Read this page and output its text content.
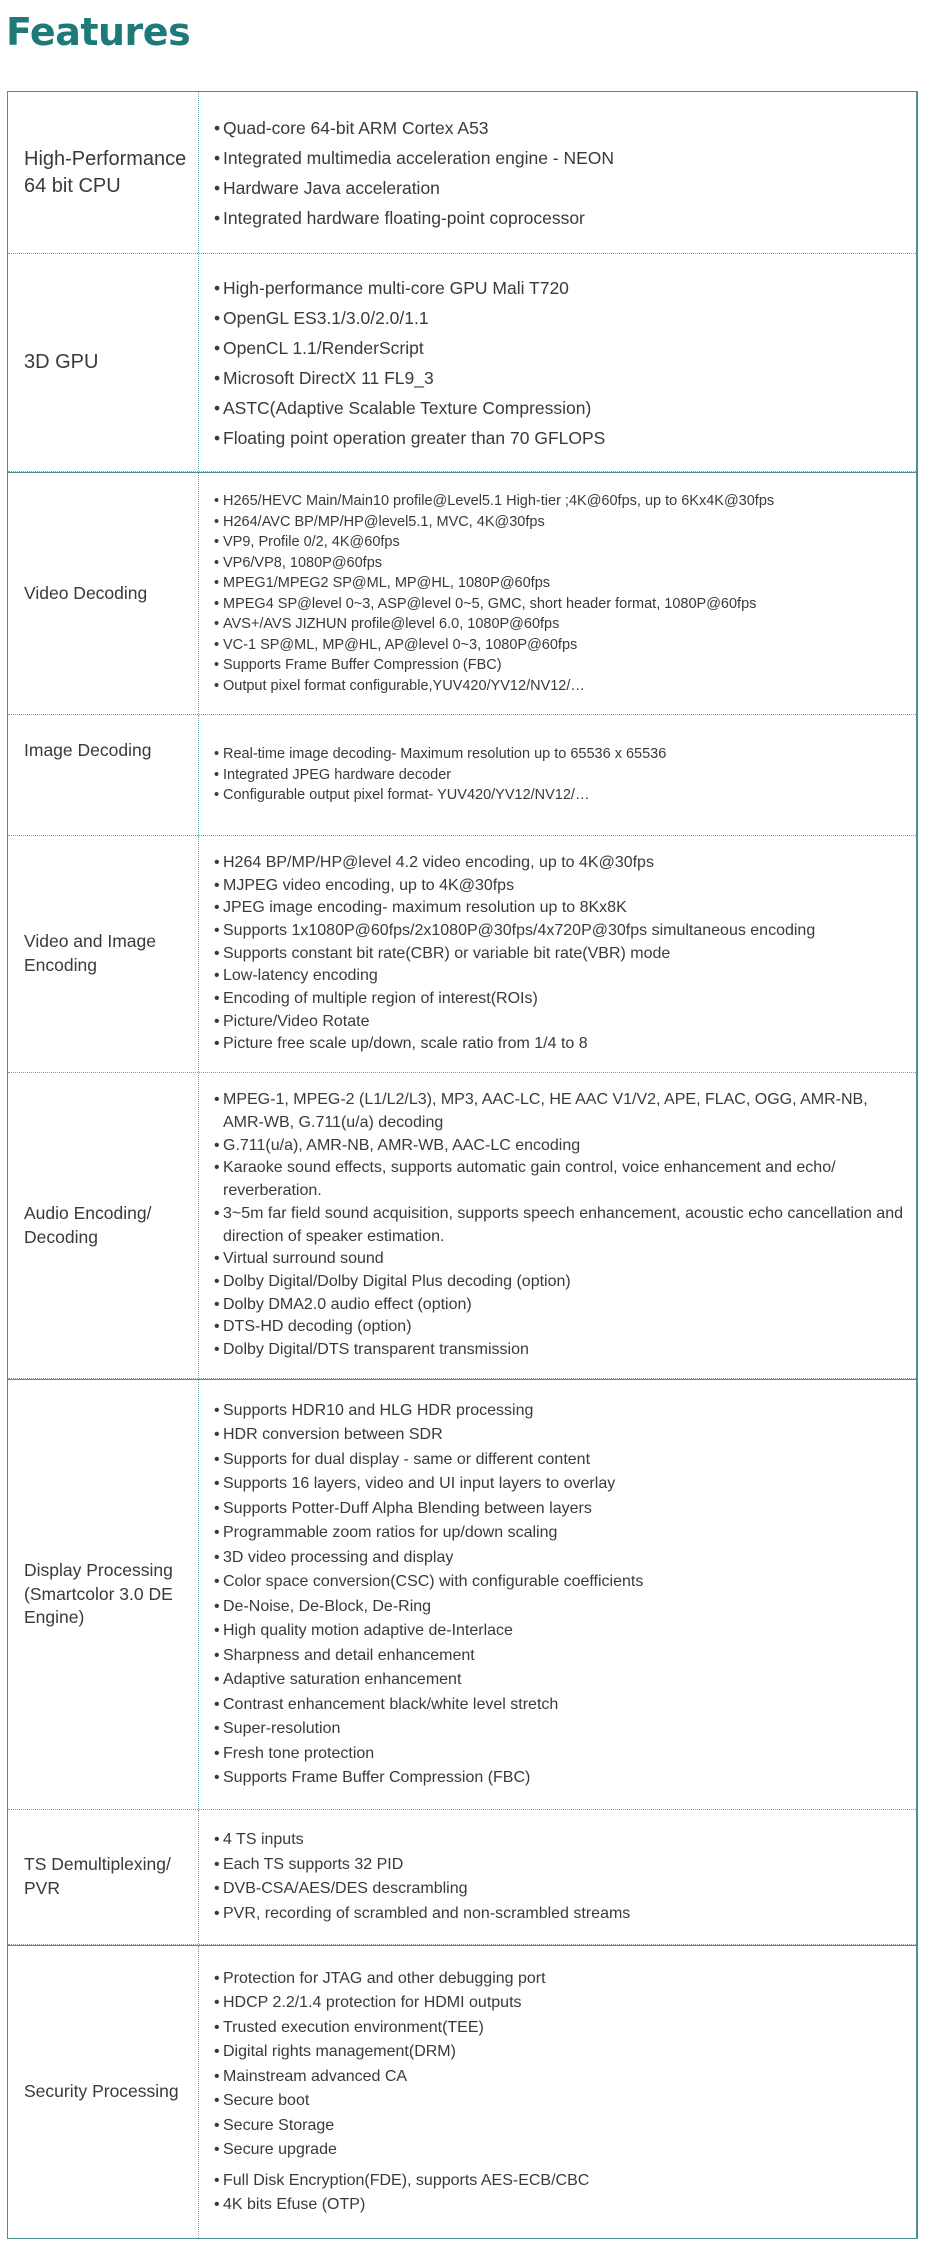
Features
High-Performance 64 bit CPU
• Quad-core 64-bit ARM Cortex A53
• Integrated multimedia acceleration engine - NEON
• Hardware Java acceleration
• Integrated hardware floating-point coprocessor
3D GPU
• High-performance multi-core GPU Mali T720
• OpenGL ES3.1/3.0/2.0/1.1
• OpenCL 1.1/RenderScript
• Microsoft DirectX 11 FL9_3
• ASTC(Adaptive Scalable Texture Compression)
• Floating point operation greater than 70 GFLOPS
Video Decoding
• H265/HEVC Main/Main10 profile@Level5.1 High-tier ;4K@60fps, up to 6Kx4K@30fps
• H264/AVC BP/MP/HP@level5.1, MVC, 4K@30fps
• VP9, Profile 0/2, 4K@60fps
• VP6/VP8, 1080P@60fps
• MPEG1/MPEG2 SP@ML, MP@HL, 1080P@60fps
• MPEG4 SP@level 0~3, ASP@level 0~5, GMC, short header format, 1080P@60fps
• AVS+/AVS JIZHUN profile@level 6.0, 1080P@60fps
• VC-1 SP@ML, MP@HL, AP@level 0~3, 1080P@60fps
• Supports Frame Buffer Compression (FBC)
• Output pixel format configurable,YUV420/YV12/NV12/…
Image Decoding
•	Real-time image decoding- Maximum resolution up to 65536 x 65536
• Integrated JPEG hardware decoder
• Configurable output pixel format- YUV420/YV12/NV12/…
Video and Image Encoding
• H264 BP/MP/HP@level 4.2 video encoding, up to 4K@30fps
• MJPEG video encoding, up to 4K@30fps
• JPEG image encoding- maximum resolution up to 8Kx8K
• Supports 1x1080P@60fps/2x1080P@30fps/4x720P@30fps simultaneous encoding
• Supports constant bit rate(CBR) or variable bit rate(VBR) mode
• Low-latency encoding
• Encoding of multiple region of interest(ROIs)
• Picture/Video Rotate
• Picture free scale up/down, scale ratio from 1/4 to 8
Audio Encoding/ Decoding
• MPEG-1, MPEG-2 (L1/L2/L3), MP3, AAC-LC, HE AAC V1/V2, APE, FLAC, OGG, AMR-NB, AMR-WB, G.711(u/a) decoding
• G.711(u/a), AMR-NB, AMR-WB, AAC-LC encoding
• Karaoke sound effects, supports automatic gain control, voice enhancement and echo/ reverberation.
• 3~5m far field sound acquisition, supports speech enhancement, acoustic echo cancellation and direction of speaker estimation.
• Virtual surround sound
• Dolby Digital/Dolby Digital Plus decoding (option)
• Dolby DMA2.0 audio effect (option)
• DTS-HD decoding (option)
• Dolby Digital/DTS transparent transmission
Display Processing (Smartcolor 3.0 DE Engine)
• Supports HDR10 and HLG HDR processing
• HDR conversion between SDR
• Supports for dual display - same or different content
• Supports 16 layers, video and UI input layers to overlay
• Supports Potter-Duff Alpha Blending between layers
• Programmable zoom ratios for up/down scaling
• 3D video processing and display
• Color space conversion(CSC) with configurable coefficients
• De-Noise, De-Block, De-Ring
• High quality motion adaptive de-Interlace
• Sharpness and detail enhancement
• Adaptive saturation enhancement
• Contrast enhancement black/white level stretch
• Super-resolution
• Fresh tone protection
• Supports Frame Buffer Compression (FBC)
TS Demultiplexing/ PVR
• 4 TS inputs
• Each TS supports 32 PID
• DVB-CSA/AES/DES descrambling
• PVR, recording of scrambled and non-scrambled streams
Security Processing
• Protection for JTAG and other debugging port
• HDCP 2.2/1.4 protection for HDMI outputs
• Trusted execution environment(TEE)
• Digital rights management(DRM)
• Mainstream advanced CA
• Secure boot
• Secure Storage
• Secure upgrade
• Full Disk Encryption(FDE), supports AES-ECB/CBC
• 4K bits Efuse (OTP)
